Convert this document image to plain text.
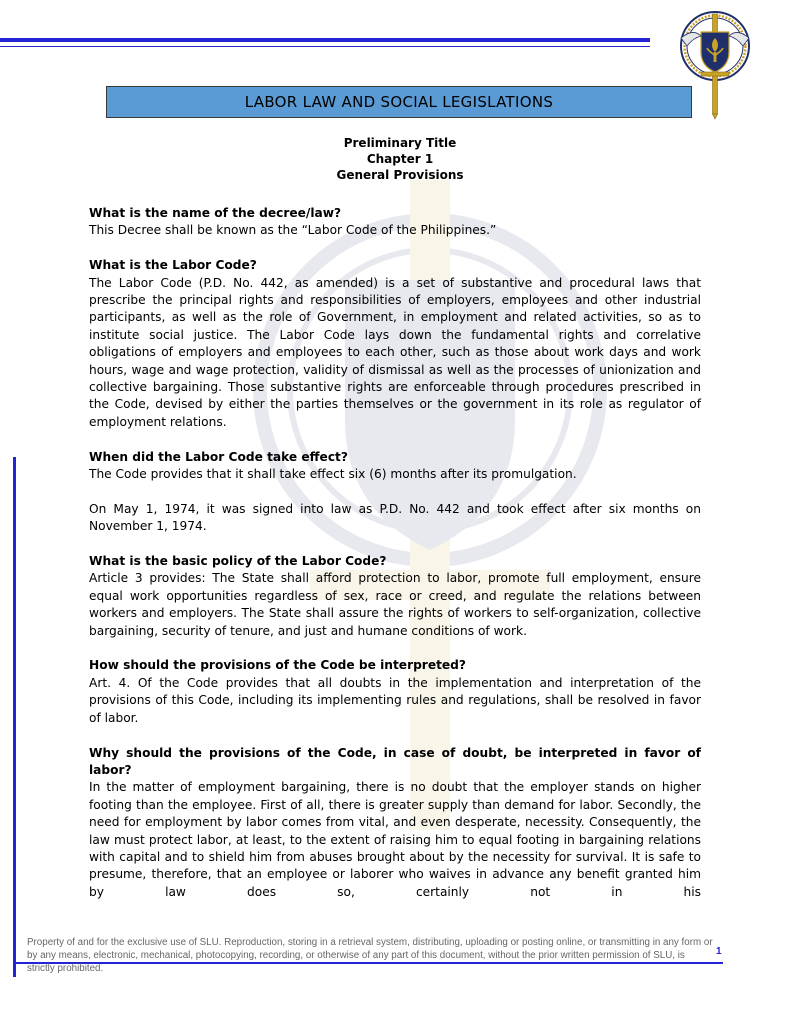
LABOR LAW AND SOCIAL LEGISLATIONS
Preliminary Title
Chapter 1
General Provisions

What is the name of the decree/law?

This Decree shall be known as the “Labor Code of the Philippines.”

What is the Labor Code?

The Labor Code (P.D. No. 442, as amended) is a set of substantive and procedural laws that prescribe the principal rights and responsibilities of employers, employees and other industrial participants, as well as the role of Government, in employment and related activities, so as to institute social justice. The Labor Code lays down the fundamental rights and correlative obligations of employers and employees to each other, such as those about work days and work hours, wage and wage protection, validity of dismissal as well as the processes of unionization and collective bargaining. Those substantive rights are enforceable through procedures prescribed in the Code, devised by either the parties themselves or the government in its role as regulator of employment relations.

When did the Labor Code take effect?

The Code provides that it shall take effect six (6) months after its promulgation.

On May 1, 1974, it was signed into law as P.D. No. 442 and took effect after six months on November 1, 1974.

What is the basic policy of the Labor Code?

Article 3 provides: The State shall afford protection to labor, promote full employment, ensure equal work opportunities regardless of sex, race or creed, and regulate the relations between workers and employers. The State shall assure the rights of workers to self-organization, collective bargaining, security of tenure, and just and humane conditions of work.

How should the provisions of the Code be interpreted?

Art. 4. Of the Code provides that all doubts in the implementation and interpretation of the provisions of this Code, including its implementing rules and regulations, shall be resolved in favor of labor.

Why should the provisions of the Code, in case of doubt, be interpreted in favor of labor?

In the matter of employment bargaining, there is no doubt that the employer stands on higher footing than the employee. First of all, there is greater supply than demand for labor. Secondly, the need for employment by labor comes from vital, and even desperate, necessity. Consequently, the law must protect labor, at least, to the extent of raising him to equal footing in bargaining relations with capital and to shield him from abuses brought about by the necessity for survival. It is safe to presume, therefore, that an employee or laborer who waives in advance any benefit granted him by law does so, certainly not in his

Property of and for the exclusive use of SLU. Reproduction, storing in a retrieval system, distributing, uploading or posting online, or transmitting in any form or by any means, electronic, mechanical, photocopying, recording, or otherwise of any part of this document, without the prior written permission of SLU, is strictly prohibited.
1
